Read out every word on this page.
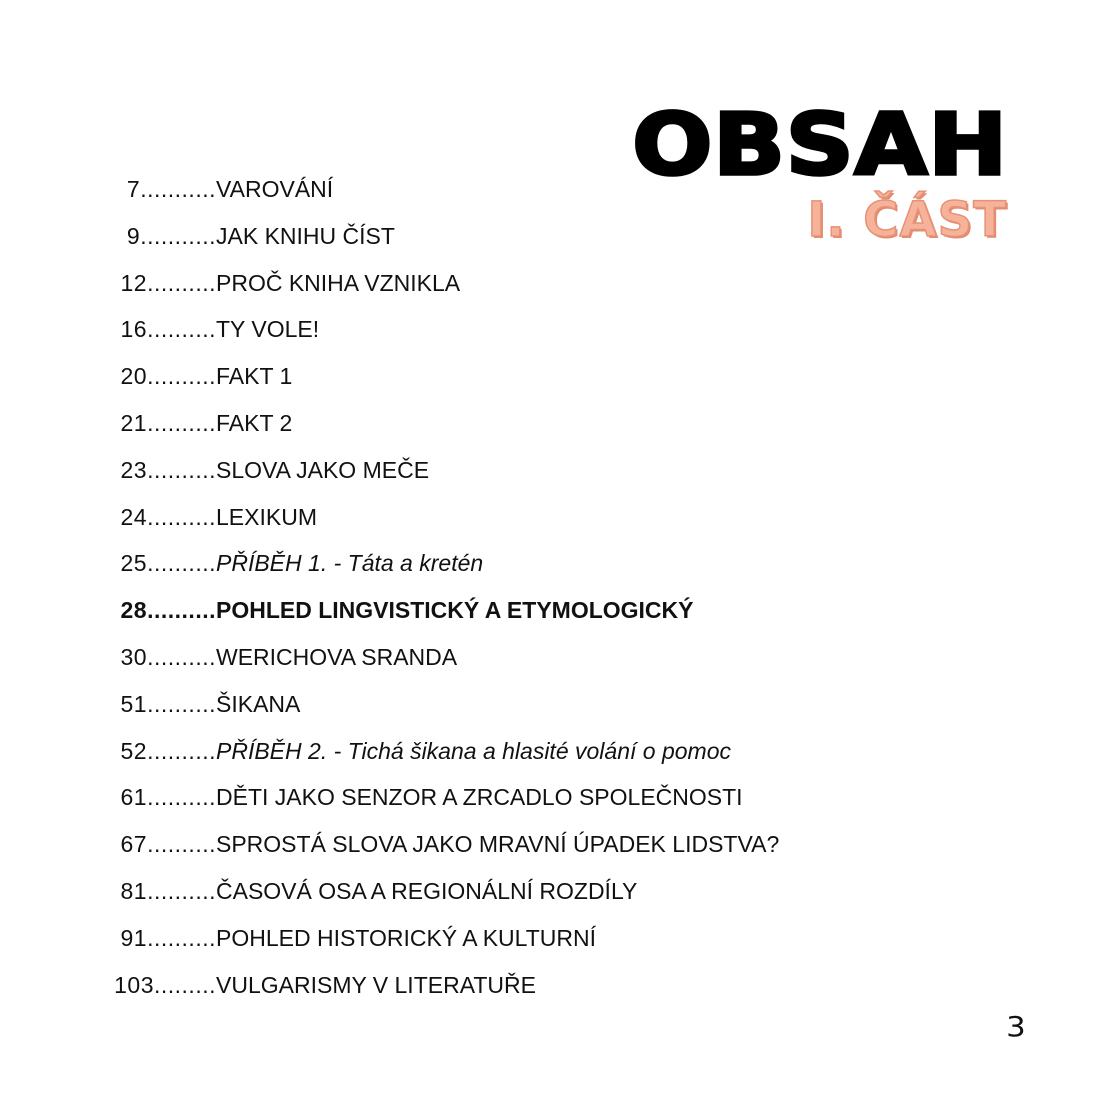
OBSAH
I. ČÁST
7........... VAROVÁNÍ
9........... JAK KNIHU ČÍST
12.......... PROČ KNIHA VZNIKLA
16.......... TY VOLE!
20.......... FAKT 1
21.......... FAKT 2
23.......... SLOVA JAKO MEČE
24.......... LEXIKUM
25.......... PŘÍBĚH 1. - Táta a kretén
28.......... POHLED LINGVISTICKÝ A ETYMOLOGICKÝ
30.......... WERICHOVA SRANDA
51.......... ŠIKANA
52.......... PŘÍBĚH 2. - Tichá šikana a hlasité volání o pomoc
61.......... DĚTI JAKO SENZOR A ZRCADLO SPOLEČNOSTI
67.......... SPROSTÁ SLOVA JAKO MRAVNÍ ÚPADEK LIDSTVA?
81.......... ČASOVÁ OSA A REGIONÁLNÍ ROZDÍLY
91.......... POHLED HISTORICKÝ A KULTURNÍ
103......... VULGARISMY V LITERATUŘE
3
